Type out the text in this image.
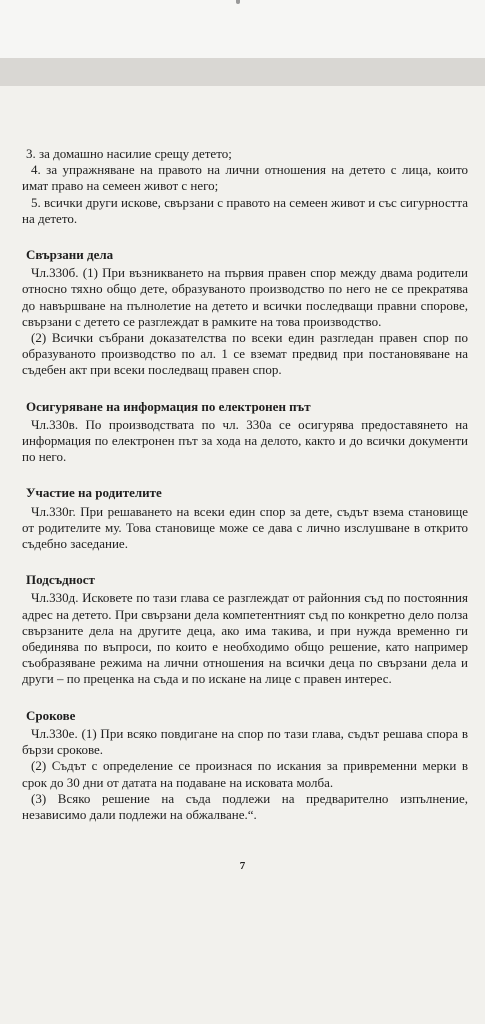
3. за домашно насилие срещу детето;

4. за упражняване на правото на лични отношения на детето с лица, които имат право на семеен живот с него;

5. всички други искове, свързани с правото на семеен живот и със сигурността на детето.

Свързани дела

Чл.330б. (1) При възникването на първия правен спор между двама родители относно тяхно общо дете, образуваното производство по него не се прекратява до навършване на пълнолетие на детето и всички последващи правни спорове, свързани с детето се разглеждат в рамките на това производство.

(2) Всички събрани доказателства по всеки един разгледан правен спор по образуваното производство по ал. 1 се вземат предвид при постановяване на съдебен акт при всеки последващ правен спор.

Осигуряване на информация по електронен път

Чл.330в. По производствата по чл. 330а се осигурява предоставянето на информация по електронен път за хода на делото, както и до всички документи по него.

Участие на родителите

Чл.330г. При решаването на всеки един спор за дете, съдът взема становище от родителите му. Това становище може се дава с лично изслушване в открито съдебно заседание.

Подсъдност

Чл.330д. Исковете по тази глава се разглеждат от районния съд по постоянния адрес на детето. При свързани дела компетентният съд по конкретно дело полза свързаните дела на другите деца, ако има такива, и при нужда временно ги обединява по въпроси, по които е необходимо общо решение, като например съобразяване режима на лични отношения на всички деца по свързани дела и други – по преценка на съда и по искане на лице с правен интерес.

Срокове

Чл.330е. (1) При всяко повдигане на спор по тази глава, съдът решава спора в бързи срокове.

(2) Съдът с определение се произнася по искания за привременни мерки в срок до 30 дни от датата на подаване на исковата молба.

(3) Всяко решение на съда подлежи на предварително изпълнение, независимо дали подлежи на обжалване.“.

7
